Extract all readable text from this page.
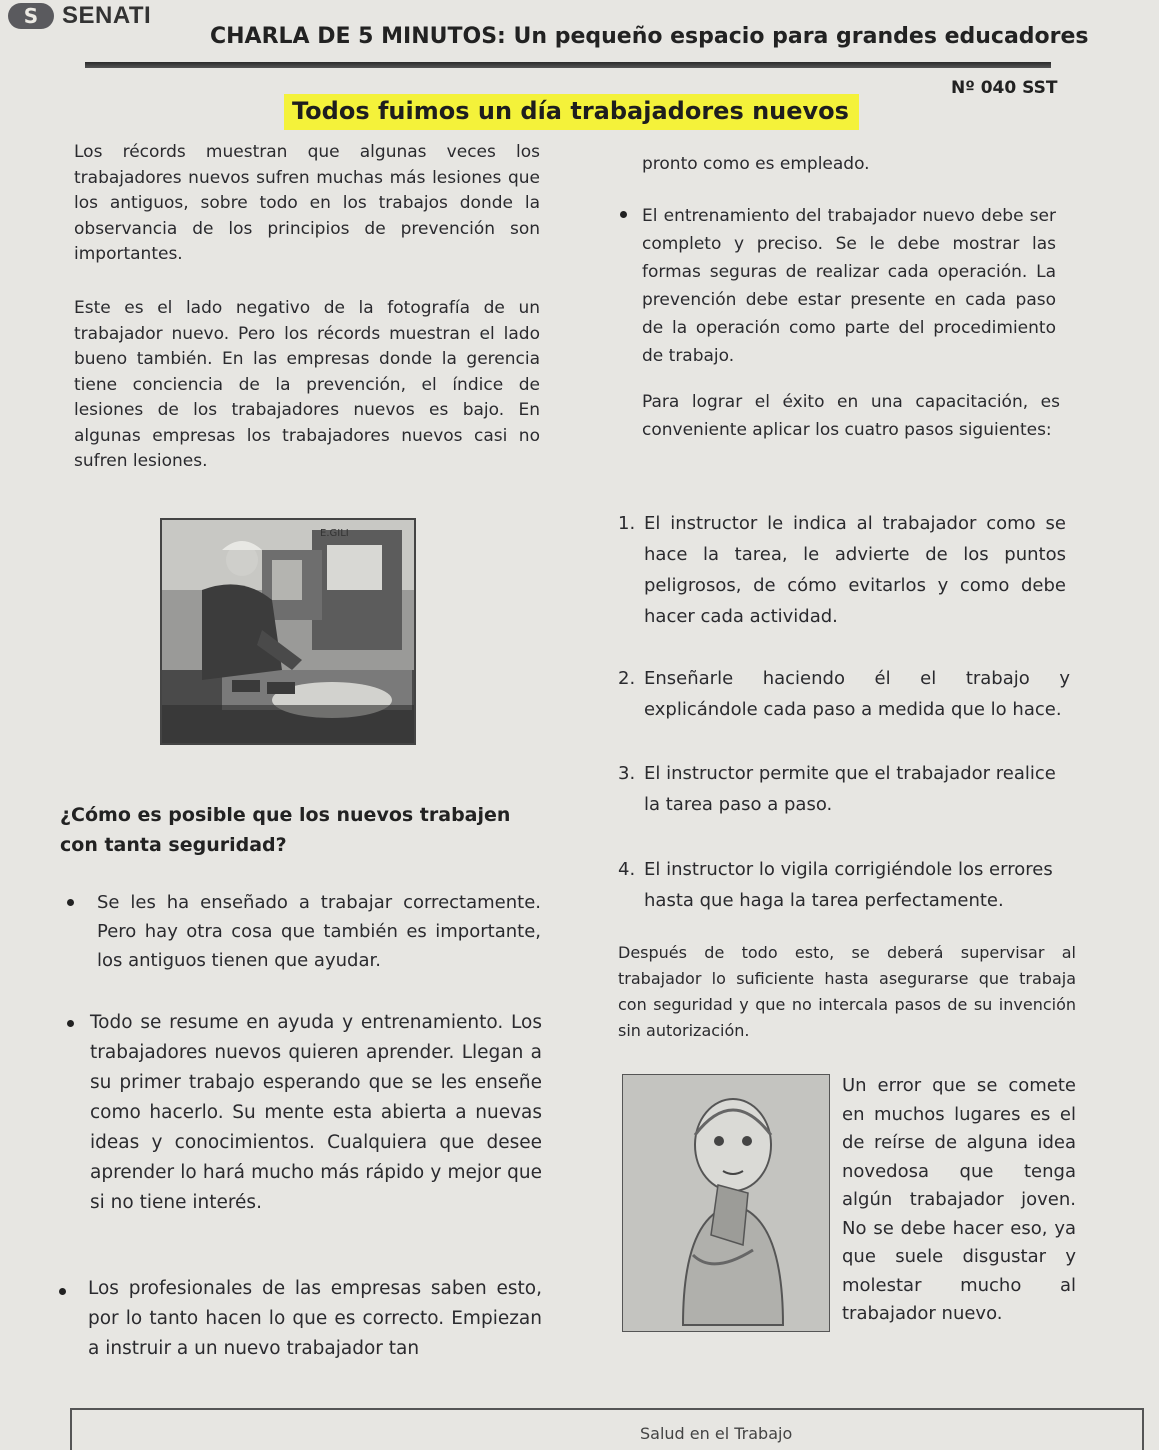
S SENATI
CHARLA DE 5 MINUTOS: Un pequeño espacio para grandes educadores
Nº 040 SST
Todos fuimos un día trabajadores nuevos
Los récords muestran que algunas veces los trabajadores nuevos sufren muchas más lesiones que los antiguos, sobre todo en los trabajos donde la observancia de los principios de prevención son importantes.
Este es el lado negativo de la fotografía de un trabajador nuevo. Pero los récords muestran el lado bueno también. En las empresas donde la gerencia tiene conciencia de la prevención, el índice de lesiones de los trabajadores nuevos es bajo. En algunas empresas los trabajadores nuevos casi no sufren lesiones.
E.GILI
¿Cómo es posible que los nuevos trabajen con tanta seguridad?
Se les ha enseñado a trabajar correctamente. Pero hay otra cosa que también es importante, los antiguos tienen que ayudar.
Todo se resume en ayuda y entrenamiento. Los trabajadores nuevos quieren aprender. Llegan a su primer trabajo esperando que se les enseñe como hacerlo. Su mente esta abierta a nuevas ideas y conocimientos. Cualquiera que desee aprender lo hará mucho más rápido y mejor que si no tiene interés.
Los profesionales de las empresas saben esto, por lo tanto hacen lo que es correcto. Empiezan a instruir a un nuevo trabajador tan
pronto como es empleado.
El entrenamiento del trabajador nuevo debe ser completo y preciso. Se le debe mostrar las formas seguras de realizar cada operación. La prevención debe estar presente en cada paso de la operación como parte del procedimiento de trabajo.
Para lograr el éxito en una capacitación, es conveniente aplicar los cuatro pasos siguientes:
1. El instructor le indica al trabajador como se hace la tarea, le advierte de los puntos peligrosos, de cómo evitarlos y como debe hacer cada actividad.
2. Enseñarle haciendo él el trabajo y explicándole cada paso a medida que lo hace.
3. El instructor permite que el trabajador realice la tarea paso a paso.
4. El instructor lo vigila corrigiéndole los errores hasta que haga la tarea perfectamente.
Después de todo esto, se deberá supervisar al trabajador lo suficiente hasta asegurarse que trabaja con seguridad y que no intercala pasos de su invención sin autorización.
Un error que se comete en muchos lugares es el de reírse de alguna idea novedosa que tenga algún trabajador joven. No se debe hacer eso, ya que suele disgustar y molestar mucho al trabajador nuevo.
Salud en el Trabajo
